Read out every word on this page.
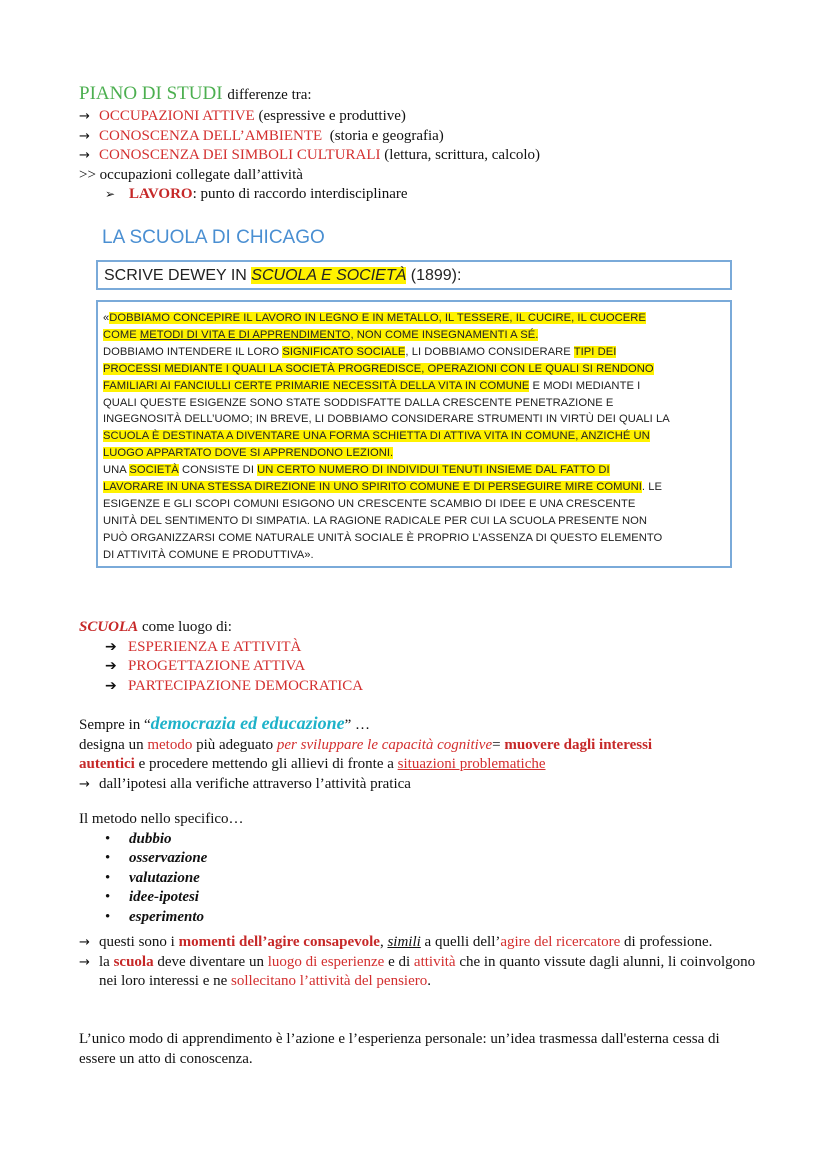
PIANO DI STUDI differenze tra:
→ OCCUPAZIONI ATTIVE (espressive e produttive)
→ CONOSCENZA DELL’AMBIENTE  (storia e geografia)
→ CONOSCENZA DEI SIMBOLI CULTURALI (lettura, scrittura, calcolo)
>> occupazioni collegate dall’attività
➢ LAVORO: punto di raccordo interdisciplinare
LA SCUOLA DI CHICAGO
SCRIVE DEWEY IN SCUOLA E SOCIETÀ (1899):
«DOBBIAMO CONCEPIRE IL LAVORO IN LEGNO E IN METALLO, IL TESSERE, IL CUCIRE, IL CUOCERE
COME METODI DI VITA E DI APPRENDIMENTO, NON COME INSEGNAMENTI A SÉ.
DOBBIAMO INTENDERE IL LORO SIGNIFICATO SOCIALE, LI DOBBIAMO CONSIDERARE TIPI DEI
PROCESSI MEDIANTE I QUALI LA SOCIETÀ PROGREDISCE, OPERAZIONI CON LE QUALI SI RENDONO
FAMILIARI AI FANCIULLI CERTE PRIMARIE NECESSITÀ DELLA VITA IN COMUNE E MODI MEDIANTE I
QUALI QUESTE ESIGENZE SONO STATE SODDISFATTE DALLA CRESCENTE PENETRAZIONE E
INGEGNOSITÀ DELL’UOMO; IN BREVE, LI DOBBIAMO CONSIDERARE STRUMENTI IN VIRTÙ DEI QUALI LA
SCUOLA È DESTINATA A DIVENTARE UNA FORMA SCHIETTA DI ATTIVA VITA IN COMUNE, ANZICHÉ UN
LUOGO APPARTATO DOVE SI APPRENDONO LEZIONI.
UNA SOCIETÀ CONSISTE DI UN CERTO NUMERO DI INDIVIDUI TENUTI INSIEME DAL FATTO DI
LAVORARE IN UNA STESSA DIREZIONE IN UNO SPIRITO COMUNE E DI PERSEGUIRE MIRE COMUNI. LE
ESIGENZE E GLI SCOPI COMUNI ESIGONO UN CRESCENTE SCAMBIO DI IDEE E UNA CRESCENTE
UNITÀ DEL SENTIMENTO DI SIMPATIA. LA RAGIONE RADICALE PER CUI LA SCUOLA PRESENTE NON
PUÒ ORGANIZZARSI COME NATURALE UNITÀ SOCIALE È PROPRIO L’ASSENZA DI QUESTO ELEMENTO
DI ATTIVITÀ COMUNE E PRODUTTIVA».
SCUOLA come luogo di:
➔ ESPERIENZA E ATTIVITÀ
➔ PROGETTAZIONE ATTIVA
➔ PARTECIPAZIONE DEMOCRATICA
Sempre in “democrazia ed educazione” …
designa un metodo più adeguato per sviluppare le capacità cognitive= muovere dagli interessi
autentici e procedere mettendo gli allievi di fronte a situazioni problematiche
→ dall’ipotesi alla verifiche attraverso l’attività pratica
Il metodo nello specifico…
•	dubbio
•	osservazione
•	valutazione
•	idee-ipotesi
•	esperimento
→ questi sono i momenti dell’agire consapevole, simili a quelli dell’agire del ricercatore di professione.
→ la scuola deve diventare un luogo di esperienze e di attività che in quanto vissute dagli alunni, li coinvolgono nei loro interessi e ne sollecitano l’attività del pensiero.
L’unico modo di apprendimento è l’azione e l’esperienza personale: un’idea trasmessa dall'esterna cessa di essere un atto di conoscenza.
